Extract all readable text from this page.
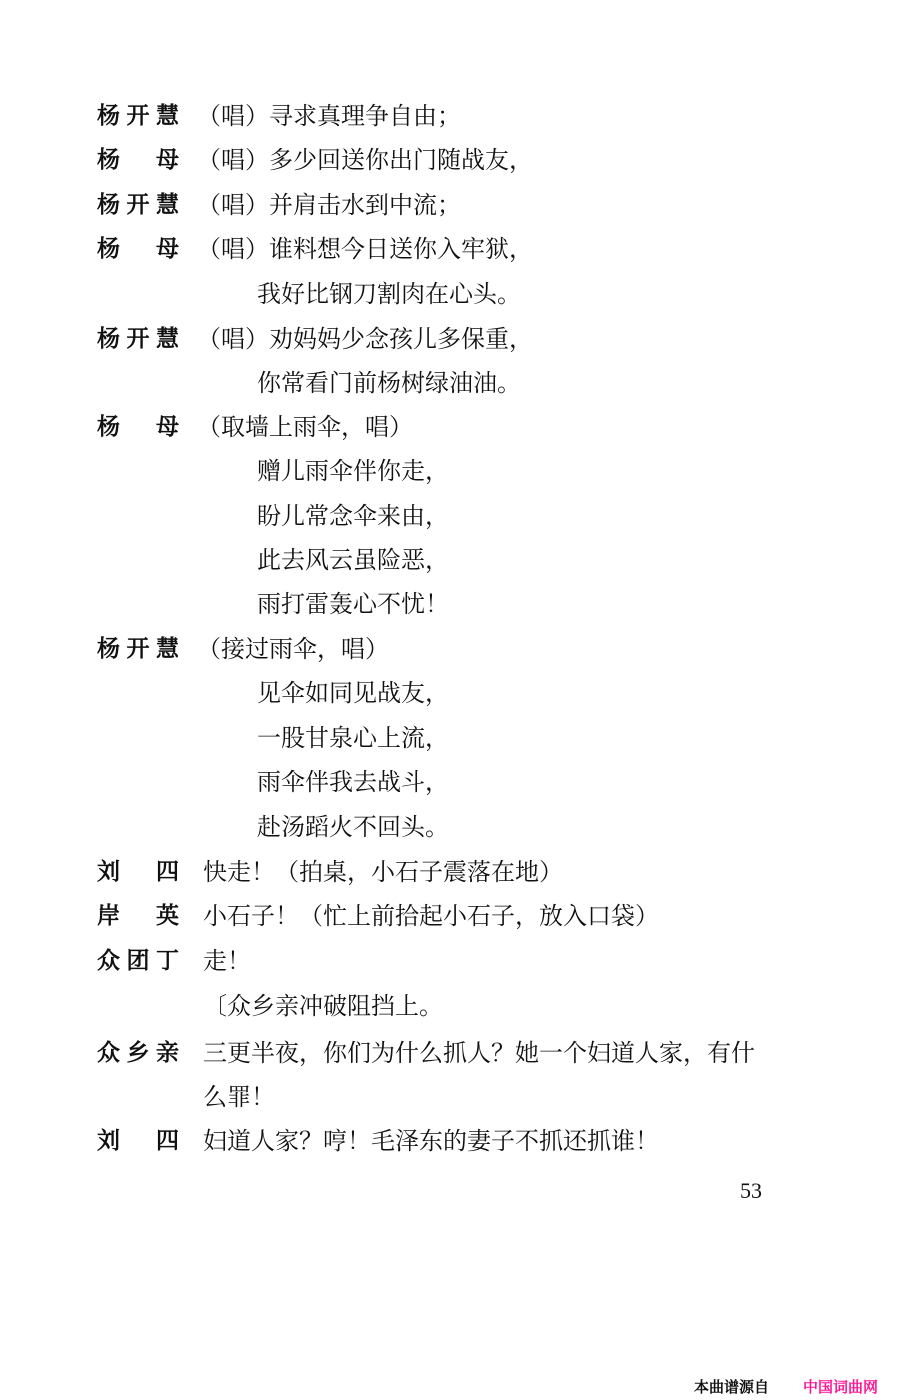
杨开慧 （唱）寻求真理争自由；
杨　母 （唱）多少回送你出门随战友，
杨开慧 （唱）并肩击水到中流；
杨　母 （唱）谁料想今日送你入牢狱，
我好比钢刀割肉在心头。
杨开慧 （唱）劝妈妈少念孩儿多保重，
你常看门前杨树绿油油。
杨　母 （取墙上雨伞，唱）
赠儿雨伞伴你走，
盼儿常念伞来由，
此去风云虽险恶，
雨打雷轰心不忧！
杨开慧 （接过雨伞，唱）
见伞如同见战友，
一股甘泉心上流，
雨伞伴我去战斗，
赴汤蹈火不回头。
刘　四 快走！（拍桌，小石子震落在地）
岸　英 小石子！（忙上前拾起小石子，放入口袋）
众团丁 走！
〔众乡亲冲破阻挡上。
众乡亲 三更半夜，你们为什么抓人？她一个妇道人家，有什
么罪！
刘　四 妇道人家？哼！毛泽东的妻子不抓还抓谁！
53
本曲谱源自 中国词曲网
